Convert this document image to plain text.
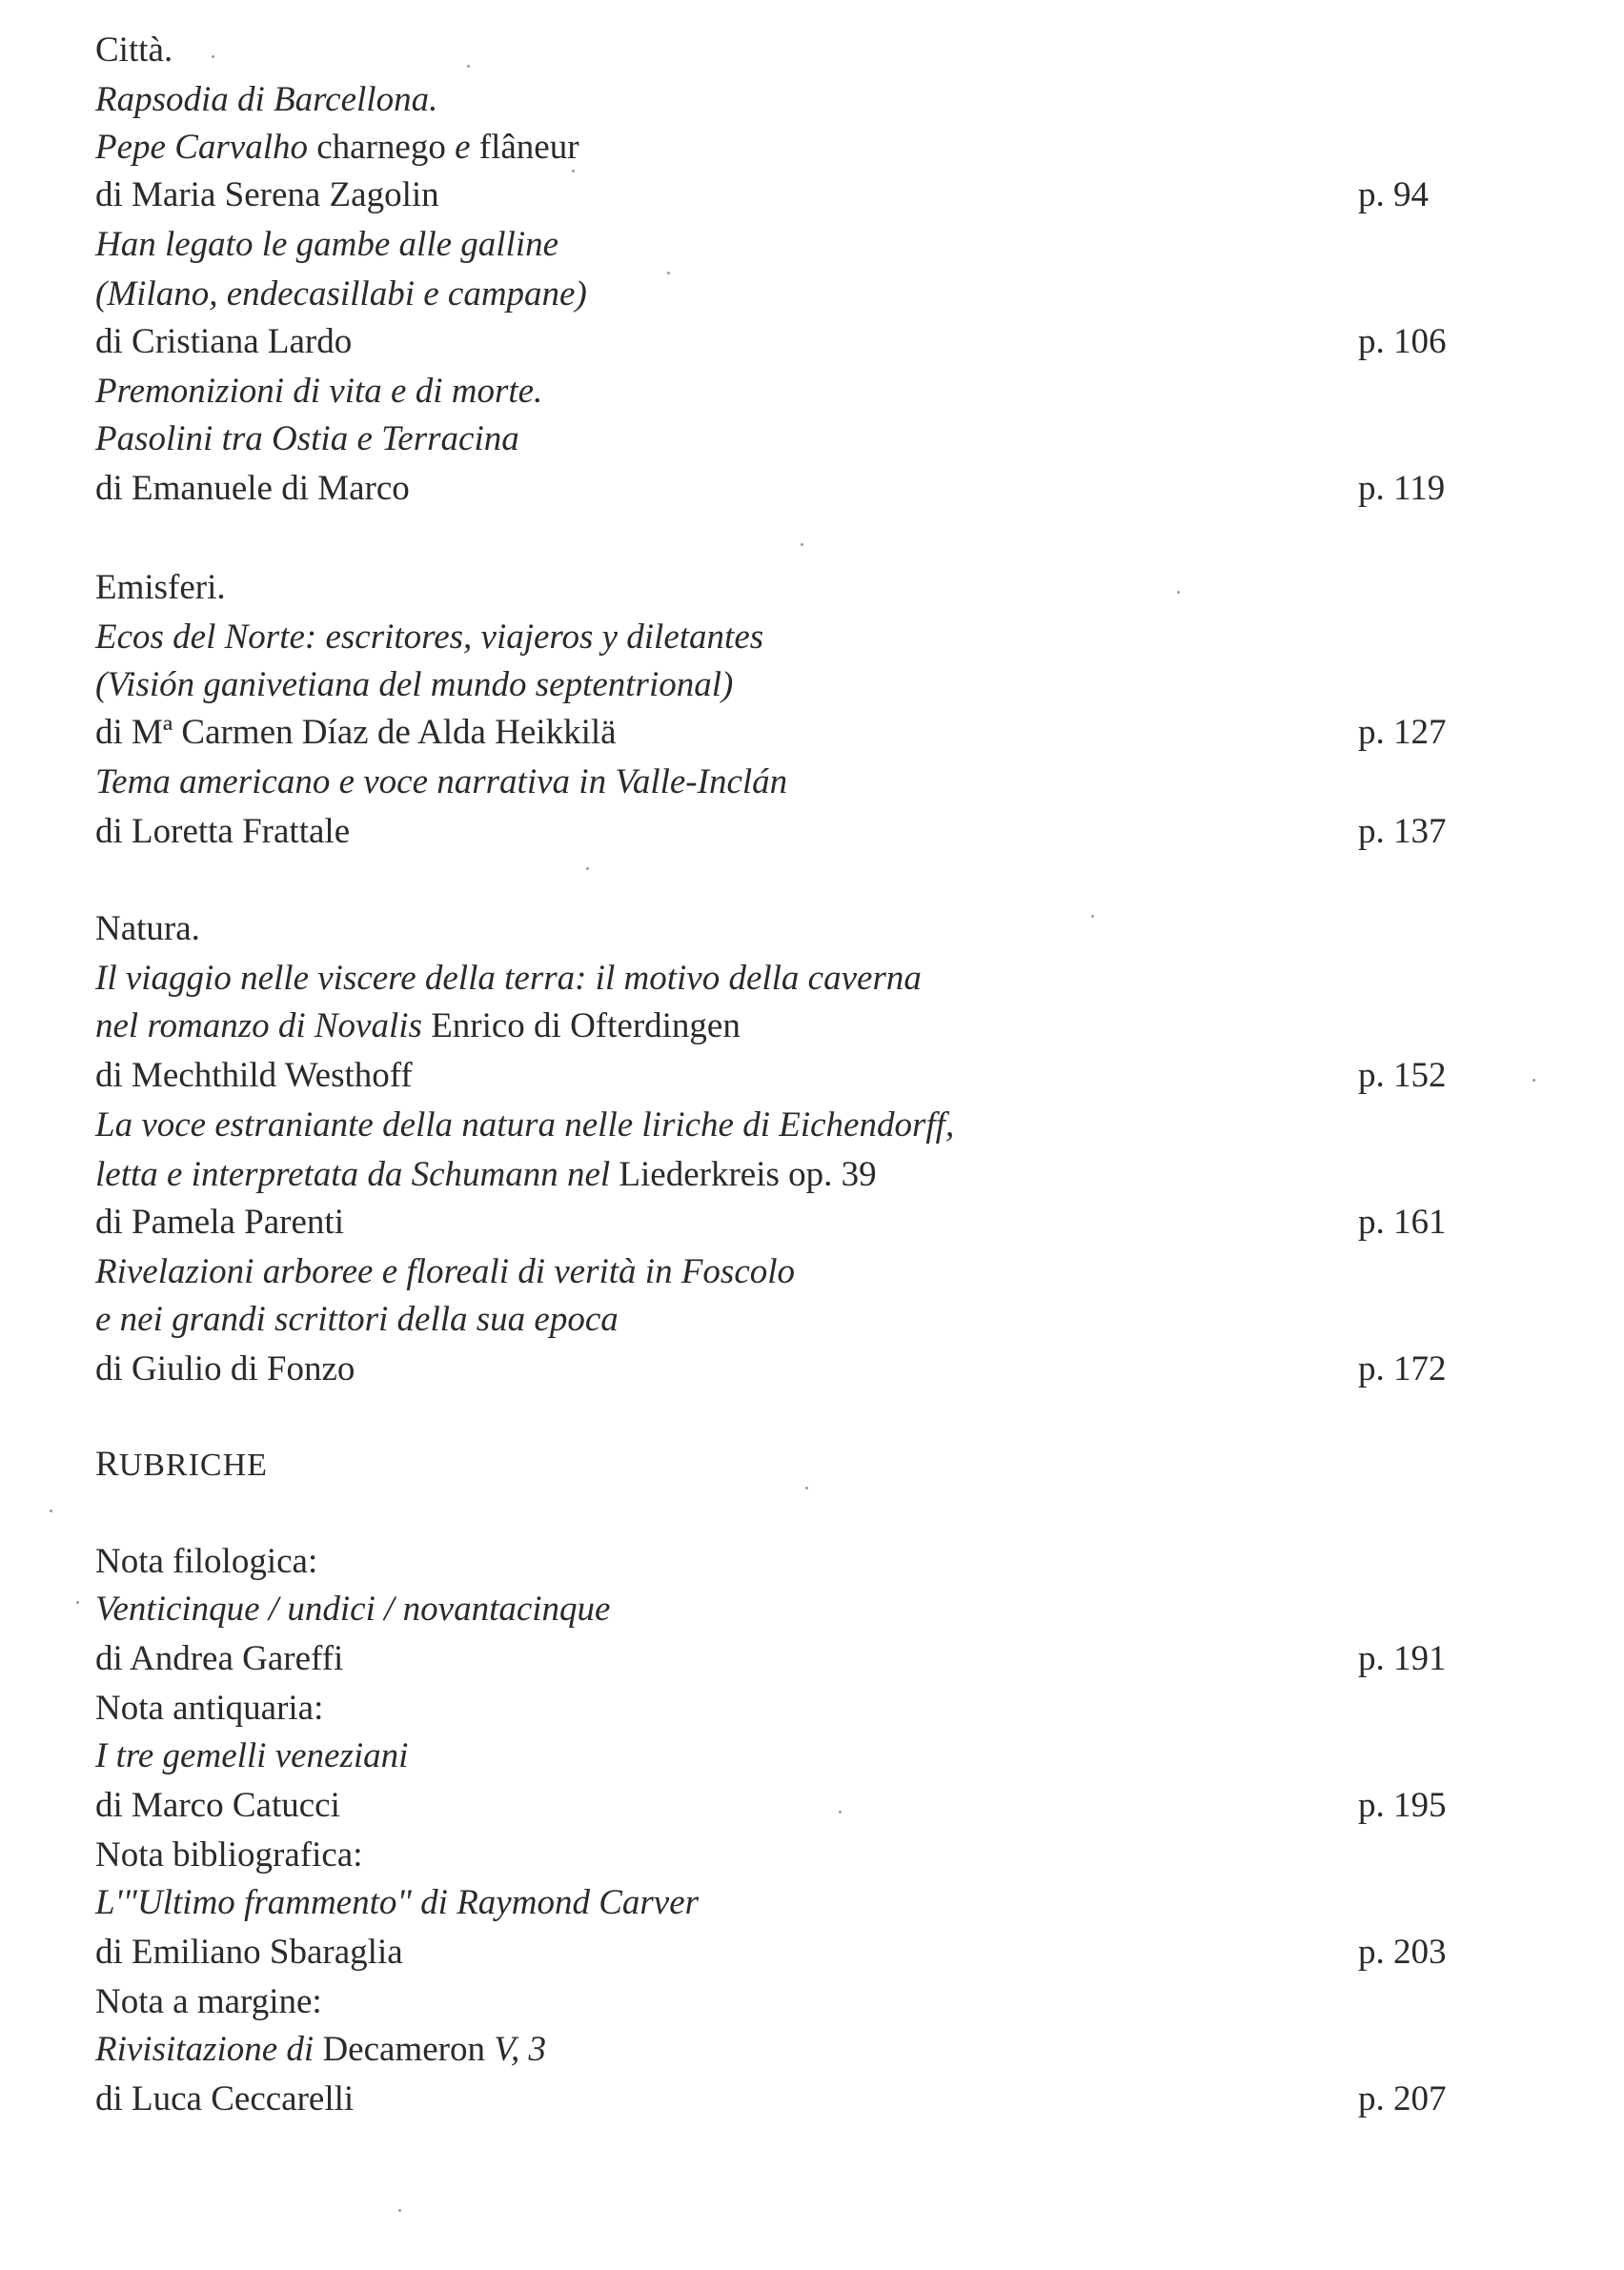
Città.
Rapsodia di Barcellona.
Pepe Carvalho charnego e flâneur
di Maria Serena Zagolin	p. 94
Han legato le gambe alle galline
(Milano, endecasillabi e campane)
di Cristiana Lardo	p. 106
Premonizioni di vita e di morte.
Pasolini tra Ostia e Terracina
di Emanuele di Marco	p. 119
Emisferi.
Ecos del Norte: escritores, viajeros y diletantes
(Visión ganivetiana del mundo septentrional)
di Mª Carmen Díaz de Alda Heikkilä	p. 127
Tema americano e voce narrativa in Valle-Inclán
di Loretta Frattale	p. 137
Natura.
Il viaggio nelle viscere della terra: il motivo della caverna
nel romanzo di Novalis Enrico di Ofterdingen
di Mechthild Westhoff	p. 152
La voce estraniante della natura nelle liriche di Eichendorff,
letta e interpretata da Schumann nel Liederkreis op. 39
di Pamela Parenti	p. 161
Rivelazioni arboree e floreali di verità in Foscolo
e nei grandi scrittori della sua epoca
di Giulio di Fonzo	p. 172
RUBRICHE
Nota filologica:
Venticinque / undici / novantacinque
di Andrea Gareffi	p. 191
Nota antiquaria:
I tre gemelli veneziani
di Marco Catucci	p. 195
Nota bibliografica:
L'"Ultimo frammento" di Raymond Carver
di Emiliano Sbaraglia	p. 203
Nota a margine:
Rivisitazione di Decameron V, 3
di Luca Ceccarelli	p. 207
